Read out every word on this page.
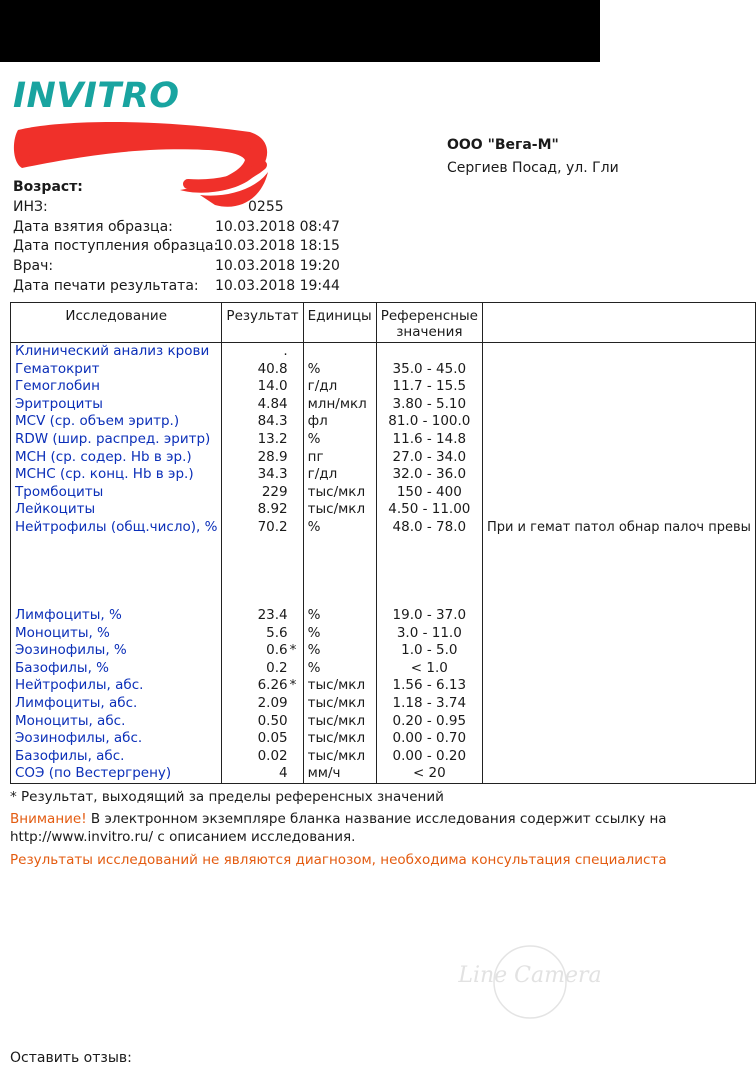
INVITRO
ООО "Вега-М"
Сергиев Посад, ул. Гли
Возраст:
ИНЗ:	0255
Дата взятия образца:	10.03.2018 08:47
Дата поступления образца:
10.03.2018 18:15
Врач:	10.03.2018 19:20
Дата печати результата: 10.03.2018 19:44
Исследование	Результат	Единицы	Референсные значения	
Клинический анализ крови	.			
Гематокрит	40.8	%	35.0 - 45.0	
Гемоглобин	14.0	г/дл	11.7 - 15.5	
Эритроциты	4.84	млн/мкл	3.80 - 5.10	
MCV (ср. объем эритр.)	84.3	фл	81.0 - 100.0	
RDW (шир. распред. эритр)	13.2	%	11.6 - 14.8	
MCH (ср. содер. Hb в эр.)	28.9	пг	27.0 - 34.0	
MCHC (ср. конц. Hb в эр.)	34.3	г/дл	32.0 - 36.0	
Тромбоциты	229	тыс/мкл	150 - 400	
Лейкоциты	8.92	тыс/мкл	4.50 - 11.00	
Нейтрофилы (общ.число), %	70.2	%	48.0 - 78.0	При и гемат патол обнар палоч превы
Лимфоциты, %	23.4	%	19.0 - 37.0	
Моноциты, %	5.6	%	3.0 - 11.0	
Эозинофилы, %	0.6 *	%	1.0 - 5.0	
Базофилы, %	0.2	%	< 1.0	
Нейтрофилы, абс.	6.26 *	тыс/мкл	1.56 - 6.13	
Лимфоциты, абс.	2.09	тыс/мкл	1.18 - 3.74	
Моноциты, абс.	0.50	тыс/мкл	0.20 - 0.95	
Эозинофилы, абс.	0.05	тыс/мкл	0.00 - 0.70	
Базофилы, абс.	0.02	тыс/мкл	0.00 - 0.20	
СОЭ (по Вестергрену)	4	мм/ч	< 20	
* Результат, выходящий за пределы референсных значений
Внимание! В электронном экземпляре бланка название исследования содержит ссылку на
http://www.invitro.ru/ с описанием исследования.
Результаты исследований не являются диагнозом, необходима консультация специалиста
Line Camera
Оставить отзыв:
